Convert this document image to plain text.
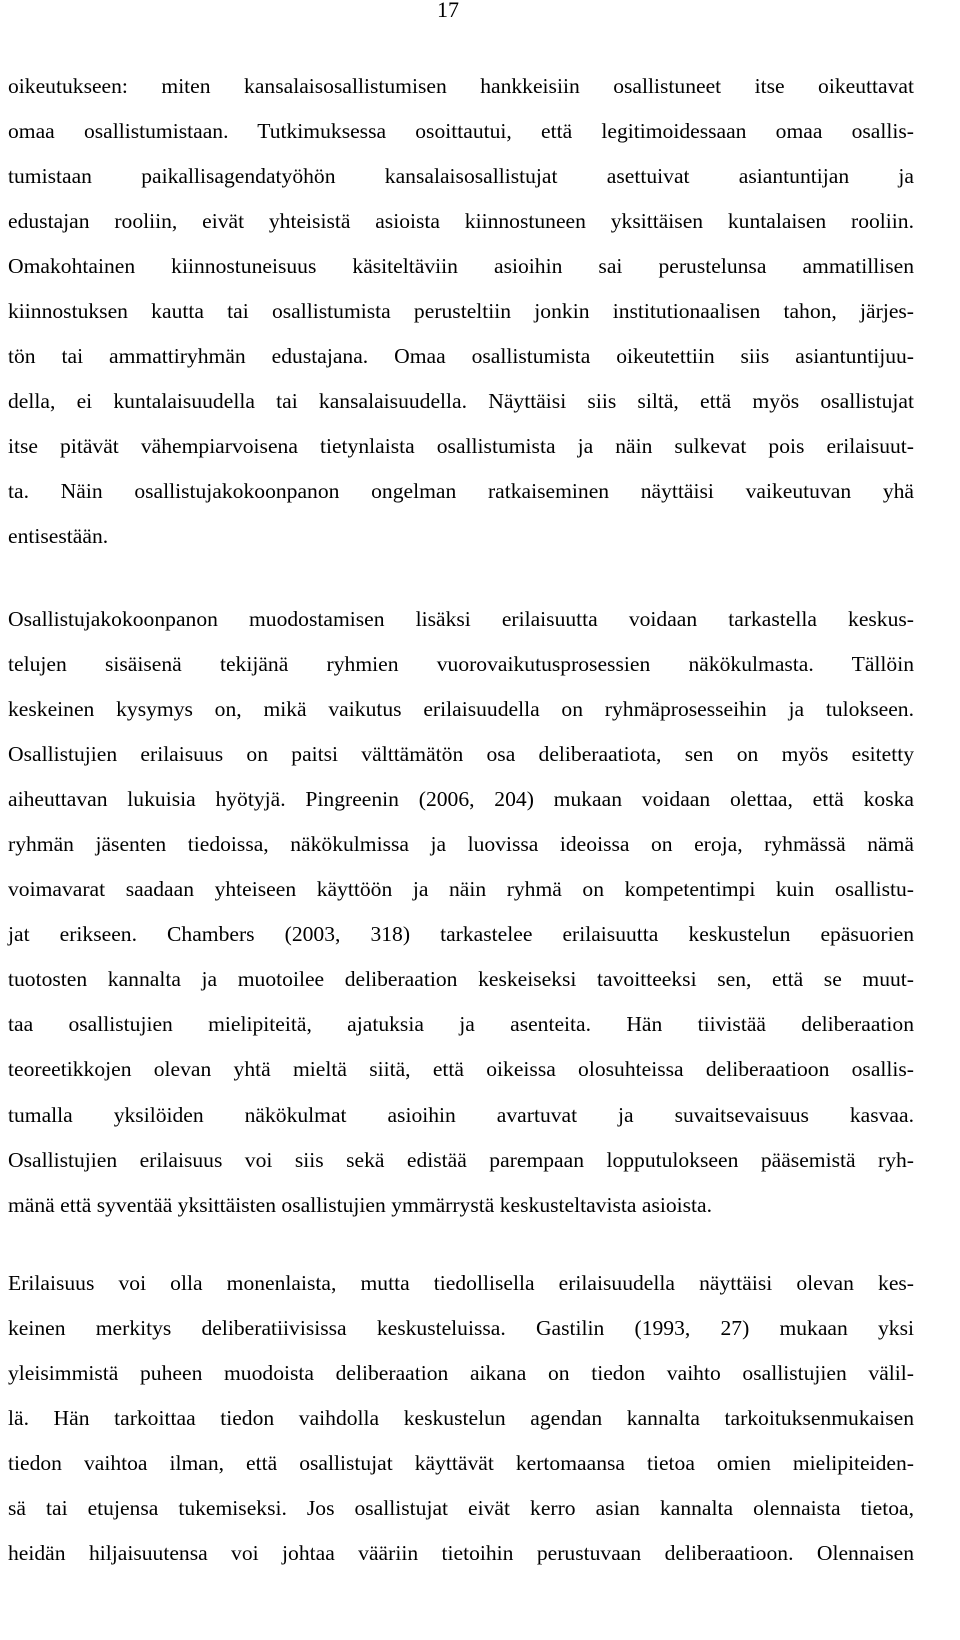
17
oikeutukseen: miten kansalaisosallistumisen hankkeisiin osallistuneet itse oikeuttavat
omaa osallistumistaan. Tutkimuksessa osoittautui, että legitimoidessaan omaa osallis-
tumistaan paikallisagendatyöhön kansalaisosallistujat asettuivat asiantuntijan ja
edustajan rooliin, eivät yhteisistä asioista kiinnostuneen yksittäisen kuntalaisen rooliin.
Omakohtainen kiinnostuneisuus käsiteltäviin asioihin sai perustelunsa ammatillisen
kiinnostuksen kautta tai osallistumista perusteltiin jonkin institutionaalisen tahon, järjes-
tön tai ammattiryhmän edustajana. Omaa osallistumista oikeutettiin siis asiantuntijuu-
della, ei kuntalaisuudella tai kansalaisuudella. Näyttäisi siis siltä, että myös osallistujat
itse pitävät vähempiarvoisena tietynlaista osallistumista ja näin sulkevat pois erilaisuut-
ta. Näin osallistujakokoonpanon ongelman ratkaiseminen näyttäisi vaikeutuvan yhä
entisestään.
Osallistujakokoonpanon muodostamisen lisäksi erilaisuutta voidaan tarkastella keskus-
telujen sisäisenä tekijänä ryhmien vuorovaikutusprosessien näkökulmasta. Tällöin
keskeinen kysymys on, mikä vaikutus erilaisuudella on ryhmäprosesseihin ja tulokseen.
Osallistujien erilaisuus on paitsi välttämätön osa deliberaatiota, sen on myös esitetty
aiheuttavan lukuisia hyötyjä. Pingreenin (2006, 204) mukaan voidaan olettaa, että koska
ryhmän jäsenten tiedoissa, näkökulmissa ja luovissa ideoissa on eroja, ryhmässä nämä
voimavarat saadaan yhteiseen käyttöön ja näin ryhmä on kompetentimpi kuin osallistu-
jat erikseen. Chambers (2003, 318) tarkastelee erilaisuutta keskustelun epäsuorien
tuotosten kannalta ja muotoilee deliberaation keskeiseksi tavoitteeksi sen, että se muut-
taa osallistujien mielipiteitä, ajatuksia ja asenteita. Hän tiivistää deliberaation
teoreetikkojen olevan yhtä mieltä siitä, että oikeissa olosuhteissa deliberaatioon osallis-
tumalla yksilöiden näkökulmat asioihin avartuvat ja suvaitsevaisuus kasvaa.
Osallistujien erilaisuus voi siis sekä edistää parempaan lopputulokseen pääsemistä ryh-
mänä että syventää yksittäisten osallistujien ymmärrystä keskusteltavista asioista.
Erilaisuus voi olla monenlaista, mutta tiedollisella erilaisuudella näyttäisi olevan kes-
keinen merkitys deliberatiivisissa keskusteluissa. Gastilin (1993, 27) mukaan yksi
yleisimmistä puheen muodoista deliberaation aikana on tiedon vaihto osallistujien välil-
lä. Hän tarkoittaa tiedon vaihdolla keskustelun agendan kannalta tarkoituksenmukaisen
tiedon vaihtoa ilman, että osallistujat käyttävät kertomaansa tietoa omien mielipiteiden-
sä tai etujensa tukemiseksi. Jos osallistujat eivät kerro asian kannalta olennaista tietoa,
heidän hiljaisuutensa voi johtaa vääriin tietoihin perustuvaan deliberaatioon. Olennaisen
